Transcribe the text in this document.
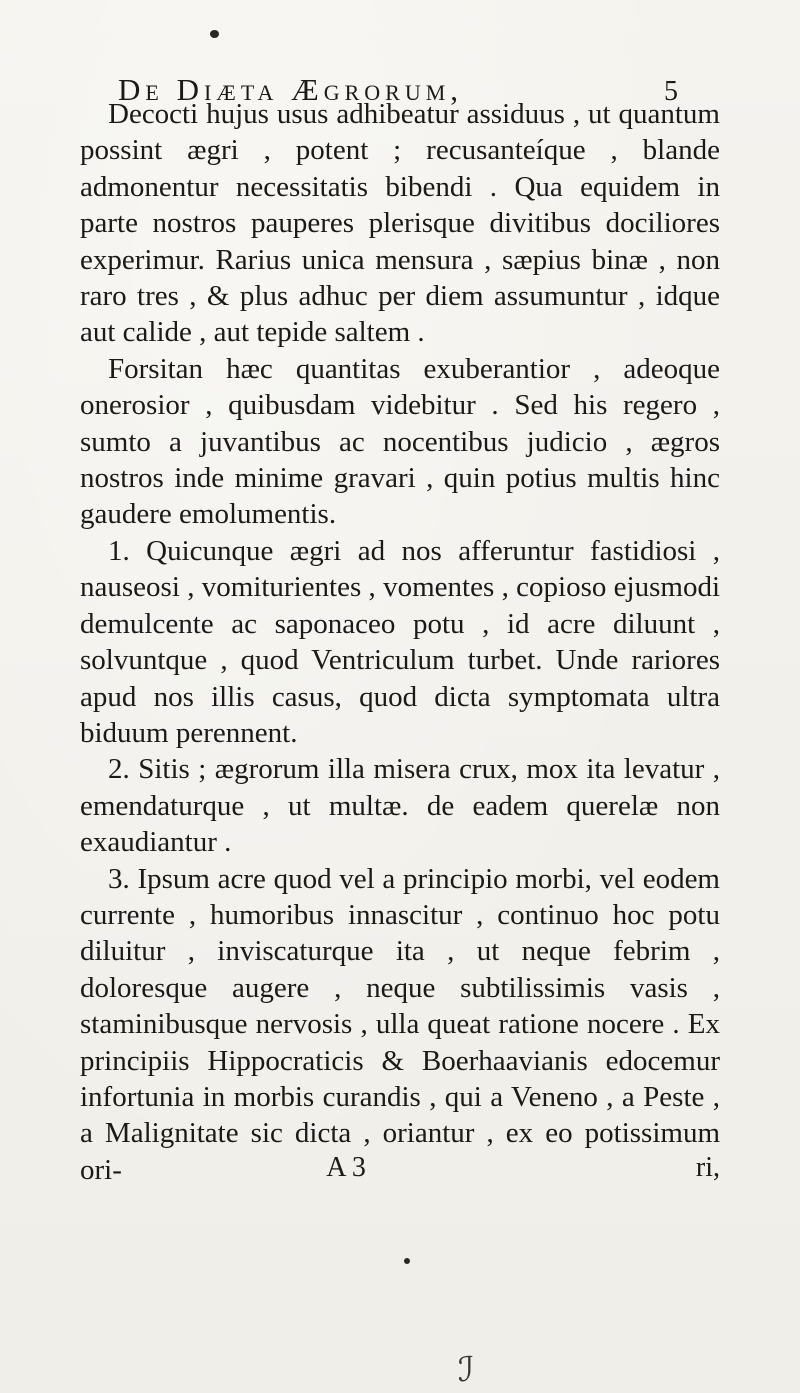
De Diæta Ægrorum,	5

Decocti hujus usus adhibeatur assiduus , ut quantum possint ægri , potent ; recusanteíque , blande admonentur necessitatis bibendi . Qua equidem in parte nostros pauperes plerisque divitibus dociliores experimur. Rarius unica mensura , sæpius binæ , non raro tres , & plus adhuc per diem assumuntur , idque aut calide , aut tepide saltem .

Forsitan hæc quantitas exuberantior , adeoque onerosior , quibusdam videbitur . Sed his regero , sumto a juvantibus ac nocentibus judicio , ægros nostros inde minime gravari , quin potius multis hinc gaudere emolumentis.

1. Quicunque ægri ad nos afferuntur fastidiosi , nauseosi , vomiturientes , vomentes , copioso ejusmodi demulcente ac saponaceo potu , id acre diluunt , solvuntque , quod Ventriculum turbet. Unde rariores apud nos illis casus, quod dicta symptomata ultra biduum perennent.

2. Sitis ; ægrorum illa misera crux, mox ita levatur , emendaturque , ut multæ. de eadem querelæ non exaudiantur .

3. Ipsum acre quod vel a principio morbi, vel eodem currente , humoribus innascitur , continuo hoc potu diluitur , inviscaturque ita , ut neque febrim , doloresque augere , neque subtilissimis vasis , staminibusque nervosis , ulla queat ratione nocere . Ex principiis Hippocraticis & Boerhaavianis edocemur infortunia in morbis curandis , qui a Veneno , a Peste , a Malignitate sic dicta , oriantur , ex eo potissimum ori-	A 3	ri,
ℐ
